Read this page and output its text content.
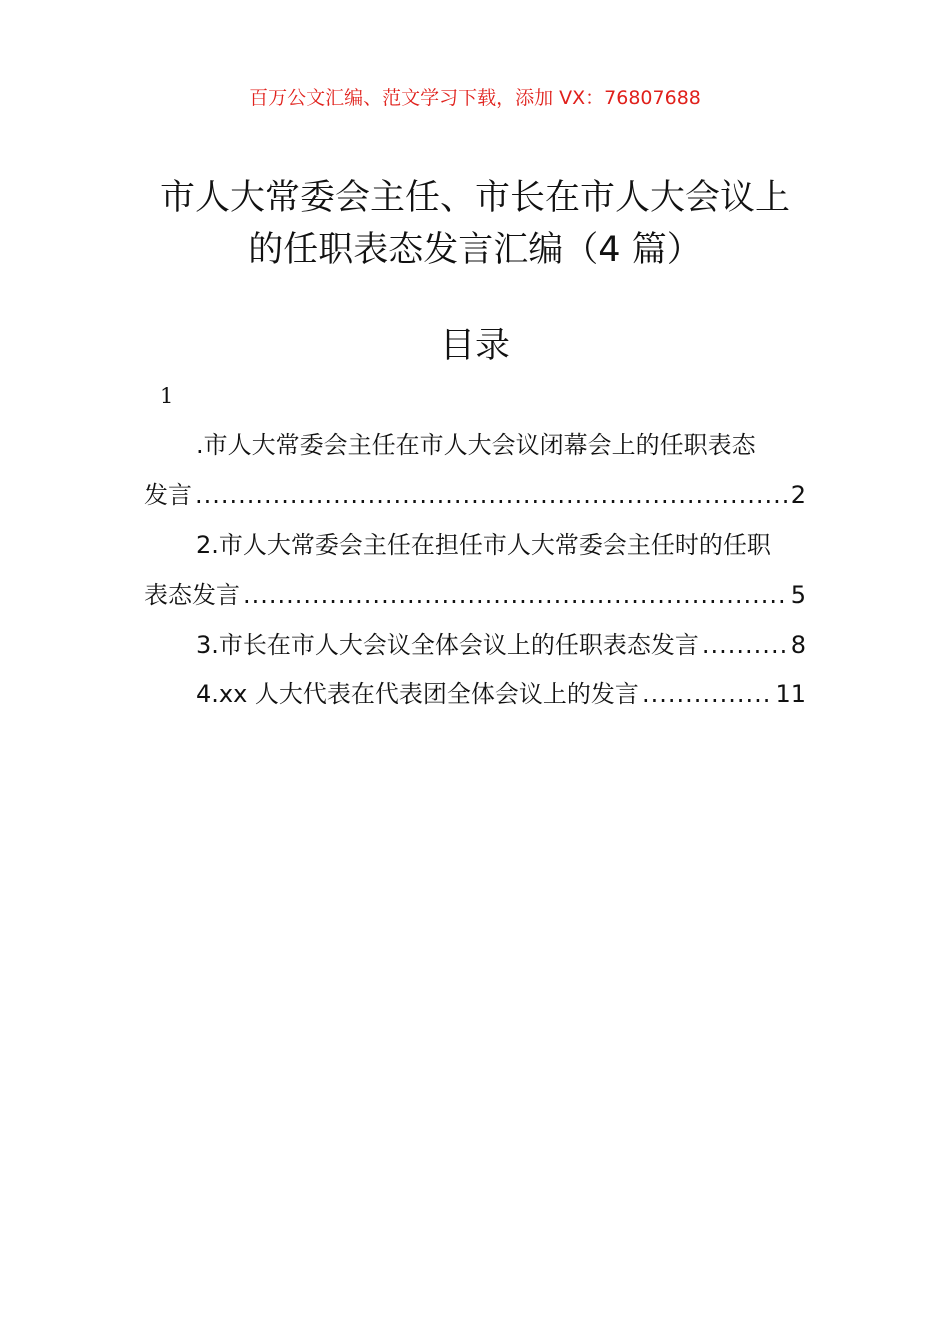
百万公文汇编、范文学习下载，添加 VX：76807688
市人大常委会主任、市长在市人大会议上
的任职表态发言汇编（4 篇）
目录
1
.市人大常委会主任在市人大会议闭幕会上的任职表态
发言 .....	2
2.市人大常委会主任在担任市人大常委会主任时的任职
表态发言 .....	5
3.市长在市人大会议全体会议上的任职表态发言 .....	8
4.xx 人大代表在代表团全体会议上的发言 .....	11
